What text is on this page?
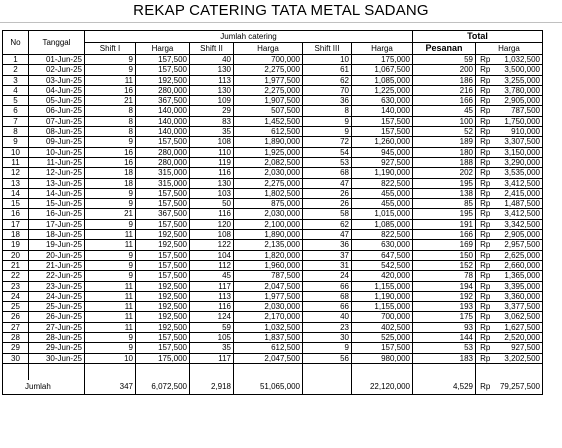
REKAP CATERING TATA METAL SADANG
No	Tanggal	Jumlah catering						Total		
		Shift I	Harga	Shift II	Harga	Shift III	Harga	Pesanan	Harga	
1	01-Jun-25	9	157,500	40	700,000	10	175,000	59	Rp	1,032,500
2	02-Jun-25	9	157,500	130	2,275,000	61	1,067,500	200	Rp	3,500,000
3	03-Jun-25	11	192,500	113	1,977,500	62	1,085,000	186	Rp	3,255,000
4	04-Jun-25	16	280,000	130	2,275,000	70	1,225,000	216	Rp	3,780,000
5	05-Jun-25	21	367,500	109	1,907,500	36	630,000	166	Rp	2,905,000
6	06-Jun-25	8	140,000	29	507,500	8	140,000	45	Rp	787,500
7	07-Jun-25	8	140,000	83	1,452,500	9	157,500	100	Rp	1,750,000
8	08-Jun-25	8	140,000	35	612,500	9	157,500	52	Rp	910,000
9	09-Jun-25	9	157,500	108	1,890,000	72	1,260,000	189	Rp	3,307,500
10	10-Jun-25	16	280,000	110	1,925,000	54	945,000	180	Rp	3,150,000
11	11-Jun-25	16	280,000	119	2,082,500	53	927,500	188	Rp	3,290,000
12	12-Jun-25	18	315,000	116	2,030,000	68	1,190,000	202	Rp	3,535,000
13	13-Jun-25	18	315,000	130	2,275,000	47	822,500	195	Rp	3,412,500
14	14-Jun-25	9	157,500	103	1,802,500	26	455,000	138	Rp	2,415,000
15	15-Jun-25	9	157,500	50	875,000	26	455,000	85	Rp	1,487,500
16	16-Jun-25	21	367,500	116	2,030,000	58	1,015,000	195	Rp	3,412,500
17	17-Jun-25	9	157,500	120	2,100,000	62	1,085,000	191	Rp	3,342,500
18	18-Jun-25	11	192,500	108	1,890,000	47	822,500	166	Rp	2,905,000
19	19-Jun-25	11	192,500	122	2,135,000	36	630,000	169	Rp	2,957,500
20	20-Jun-25	9	157,500	104	1,820,000	37	647,500	150	Rp	2,625,000
21	21-Jun-25	9	157,500	112	1,960,000	31	542,500	152	Rp	2,660,000
22	22-Jun-25	9	157,500	45	787,500	24	420,000	78	Rp	1,365,000
23	23-Jun-25	11	192,500	117	2,047,500	66	1,155,000	194	Rp	3,395,000
24	24-Jun-25	11	192,500	113	1,977,500	68	1,190,000	192	Rp	3,360,000
25	25-Jun-25	11	192,500	116	2,030,000	66	1,155,000	193	Rp	3,377,500
26	26-Jun-25	11	192,500	124	2,170,000	40	700,000	175	Rp	3,062,500
27	27-Jun-25	11	192,500	59	1,032,500	23	402,500	93	Rp	1,627,500
28	28-Jun-25	9	157,500	105	1,837,500	30	525,000	144	Rp	2,520,000
29	29-Jun-25	9	157,500	35	612,500	9	157,500	53	Rp	927,500
30	30-Jun-25	10	175,000	117	2,047,500	56	980,000	183	Rp	3,202,500

Jumlah		347	6,072,500	2,918	51,065,000		22,120,000	4,529	Rp	79,257,500
